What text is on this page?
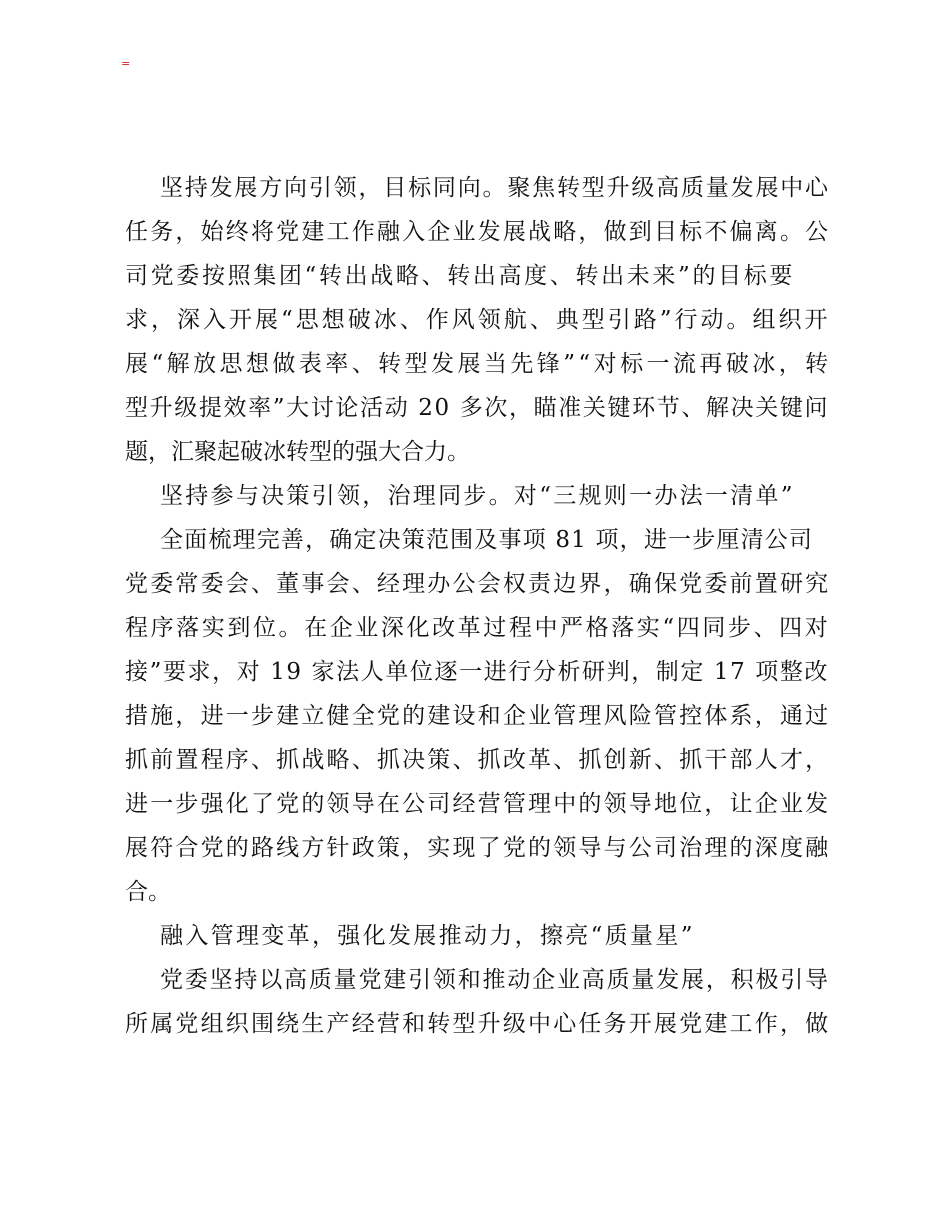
=

坚持发展方向引领，目标同向。聚焦转型升级高质量发展中心

任务，始终将党建工作融入企业发展战略，做到目标不偏离。公

司党委按照集团“转出战略、转出高度、转出未来”的目标要

求，深入开展“思想破冰、作风领航、典型引路”行动。组织开

展“解放思想做表率、转型发展当先锋”“对标一流再破冰，转

型升级提效率”大讨论活动 20 多次，瞄准关键环节、解决关键问

题，汇聚起破冰转型的强大合力。

坚持参与决策引领，治理同步。对“三规则一办法一清单”

全面梳理完善，确定决策范围及事项 81 项，进一步厘清公司

党委常委会、董事会、经理办公会权责边界，确保党委前置研究

程序落实到位。在企业深化改革过程中严格落实“四同步、四对

接”要求，对 19 家法人单位逐一进行分析研判，制定 17 项整改

措施，进一步建立健全党的建设和企业管理风险管控体系，通过

抓前置程序、抓战略、抓决策、抓改革、抓创新、抓干部人才，

进一步强化了党的领导在公司经营管理中的领导地位，让企业发

展符合党的路线方针政策，实现了党的领导与公司治理的深度融

合。

融入管理变革，强化发展推动力，擦亮“质量星”

党委坚持以高质量党建引领和推动企业高质量发展，积极引导

所属党组织围绕生产经营和转型升级中心任务开展党建工作，做
